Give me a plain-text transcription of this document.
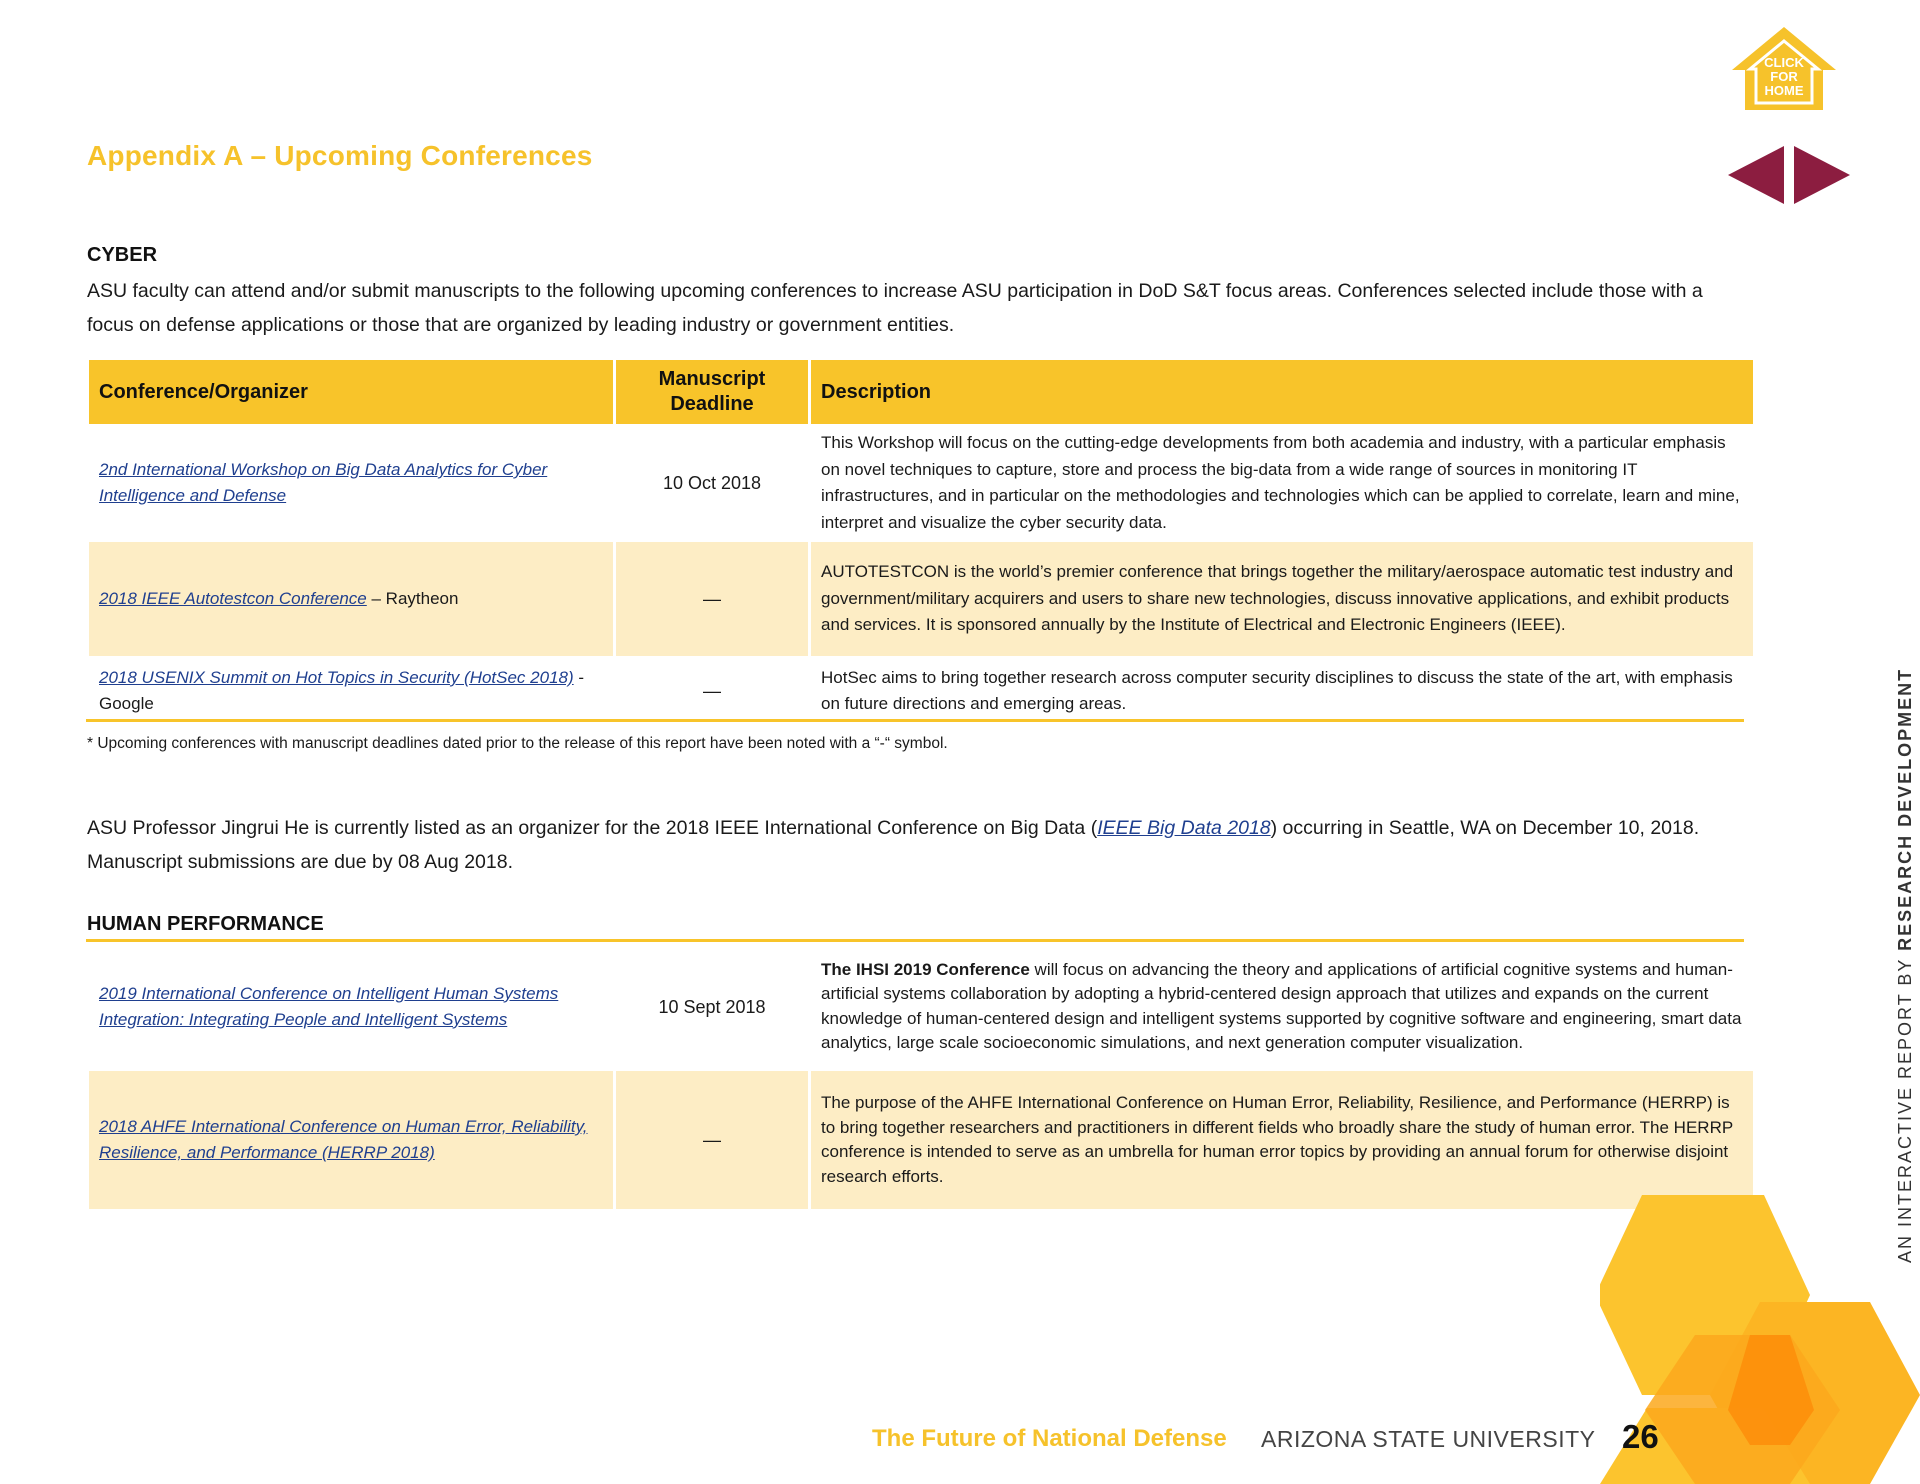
Appendix A – Upcoming Conferences
CLICK
FOR
HOME
CYBER
ASU faculty can attend and/or submit manuscripts to the following upcoming conferences to increase ASU participation in DoD S&T focus areas. Conferences selected include those with a focus on defense applications or those that are organized by leading industry or government entities.
Conference/Organizer	Manuscript Deadline	Description
2nd International Workshop on Big Data Analytics for Cyber Intelligence and Defense	10 Oct 2018	This Workshop will focus on the cutting-edge developments from both academia and industry, with a particular emphasis on novel techniques to capture, store and process the big-data from a wide range of sources in monitoring IT infrastructures, and in particular on the methodologies and technologies which can be applied to correlate, learn and mine, interpret and visualize the cyber security data.
2018 IEEE Autotestcon Conference – Raytheon	—	AUTOTESTCON is the world’s premier conference that brings together the military/aerospace automatic test industry and government/military acquirers and users to share new technologies, discuss innovative applications, and exhibit products and services. It is sponsored annually by the Institute of Electrical and Electronic Engineers (IEEE).
2018 USENIX Summit on Hot Topics in Security (HotSec 2018) - Google	—	HotSec aims to bring together research across computer security disciplines to discuss the state of the art, with emphasis on future directions and emerging areas.
* Upcoming conferences with manuscript deadlines dated prior to the release of this report have been noted with a “-“ symbol.
ASU Professor Jingrui He is currently listed as an organizer for the 2018 IEEE International Conference on Big Data (IEEE Big Data 2018) occurring in Seattle, WA on December 10, 2018. Manuscript submissions are due by 08 Aug 2018.
HUMAN PERFORMANCE
2019 International Conference on Intelligent Human Systems Integration: Integrating People and Intelligent Systems	10 Sept 2018	The IHSI 2019 Conference will focus on advancing the theory and applications of artificial cognitive systems and human-artificial systems collaboration by adopting a hybrid-centered design approach that utilizes and expands on the current knowledge of human-centered design and intelligent systems supported by cognitive software and engineering, smart data analytics, large scale socioeconomic simulations, and next generation computer visualization.
2018 AHFE International Conference on Human Error, Reliability, Resilience, and Performance (HERRP 2018)	—	The purpose of the AHFE International Conference on Human Error, Reliability, Resilience, and Performance (HERRP) is to bring together researchers and practitioners in different fields who broadly share the study of human error. The HERRP conference is intended to serve as an umbrella for human error topics by providing an annual forum for otherwise disjoint research efforts.	AN INTERACTIVE REPORT BY RESEARCH DEVELOPMENT
The Future of National Defense ARIZONA STATE UNIVERSITY 26
